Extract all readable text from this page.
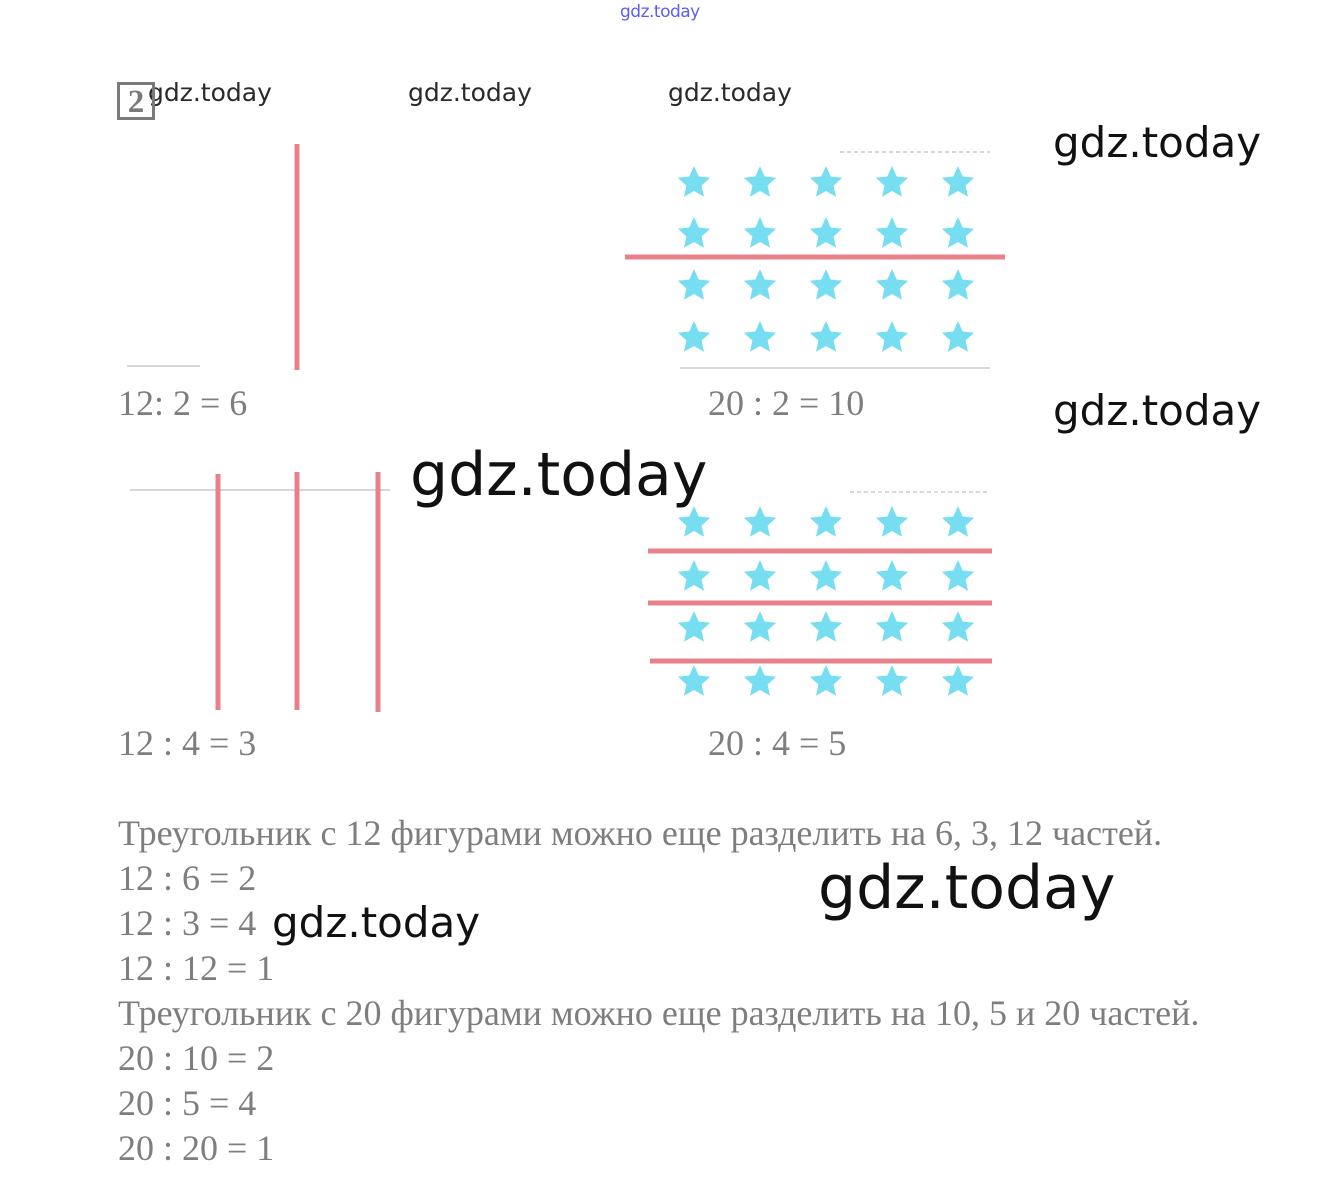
gdz.today
gdz.today	gdz.today	gdz.today
gdz.today
gdz.today
gdz.today
gdz.today
2
12: 2 = 6	20 : 2 = 10
12 : 4 = 3	20 : 4 = 5
Треугольник с 12 фигурами можно еще разделить на 6, 3, 12 частей.
12 : 6 = 2
12 : 3 = 4 gdz.today
12 : 12 = 1
Треугольник с 20 фигурами можно еще разделить на 10, 5 и 20 частей.
20 : 10 = 2
20 : 5 = 4
20 : 20 = 1
